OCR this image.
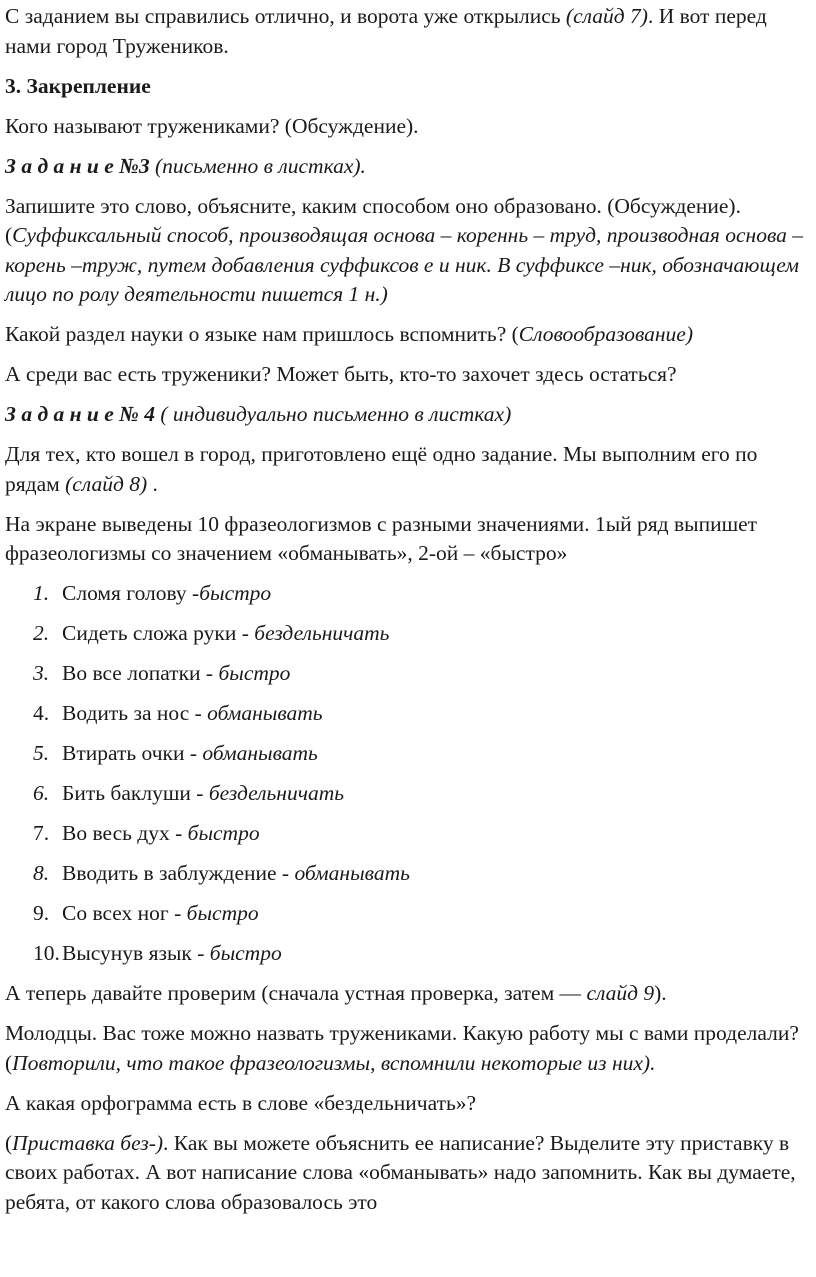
С заданием вы справились отлично, и ворота уже открылись (слайд 7). И вот перед нами город Тружеников.

3. Закрепление

Кого называют тружениками? (Обсуждение).

З а д а н и е №3 (письменно в листках).

Запишите это слово, объясните, каким способом оно образовано. (Обсуждение). (Суффиксальный способ, производящая основа – кореннь – труд, производная основа – корень –труж, путем добавления суффиксов е и ник. В суффиксе –ник, обозначающем лицо по ролу деятельности пишется 1 н.)

Какой раздел науки о языке нам пришлось вспомнить? (Словообразование)

А среди вас есть труженики? Может быть, кто-то захочет здесь остаться?

З а д а н и е № 4 ( индивидуально письменно в листках)

Для тех, кто вошел в город, приготовлено ещё одно задание. Мы выполним его по рядам (слайд 8) .

На экране выведены 10 фразеологизмов с разными значениями. 1ый ряд выпишет фразеологизмы со значением «обманывать», 2-ой – «быстро»

1. Сломя голову -быстро
2. Сидеть сложа руки - бездельничать
3. Во все лопатки - быстро
4. Водить за нос - обманывать
5. Втирать очки - обманывать
6. Бить баклуши - бездельничать
7. Во весь дух - быстро
8. Вводить в заблуждение - обманывать
9. Со всех ног - быстро
10. Высунув язык - быстро

А теперь давайте проверим (сначала устная проверка, затем — слайд 9).

Молодцы. Вас тоже можно назвать тружениками. Какую работу мы с вами проделали? (Повторили, что такое фразеологизмы, вспомнили некоторые из них).

А какая орфограмма есть в слове «бездельничать»?

(Приставка без-). Как вы можете объяснить ее написание? Выделите эту приставку в своих работах. А вот написание слова «обманывать» надо запомнить. Как вы думаете, ребята, от какого слова образовалось это
